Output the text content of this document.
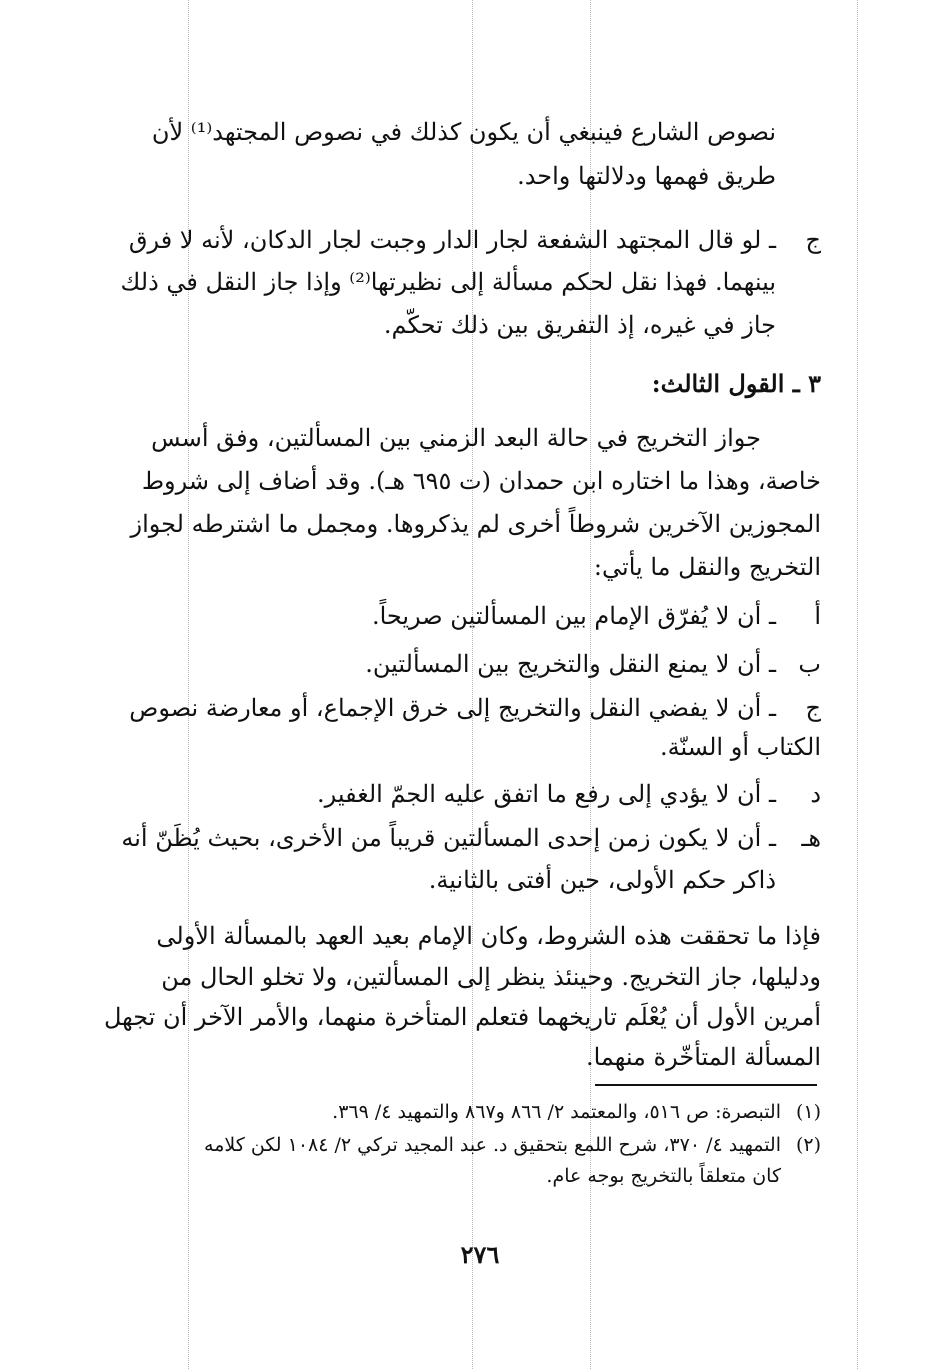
نصوص الشارع فينبغي أن يكون كذلك في نصوص المجتهد⁽¹⁾ لأن
طريق فهمها ودلالتها واحد.
ج
ـ لو قال المجتهد الشفعة لجار الدار وجبت لجار الدكان، لأنه لا فرق
بينهما. فهذا نقل لحكم مسألة إلى نظيرتها⁽²⁾ وإذا جاز النقل في ذلك
جاز في غيره، إذ التفريق بين ذلك تحكّم.
٣ ـ القول الثالث:
جواز التخريج في حالة البعد الزمني بين المسألتين، وفق أسس
خاصة، وهذا ما اختاره ابن حمدان (ت ٦٩٥ هـ). وقد أضاف إلى شروط
المجوزين الآخرين شروطاً أخرى لم يذكروها. ومجمل ما اشترطه لجواز
التخريج والنقل ما يأتي:
أ
ـ أن لا يُفرّق الإمام بين المسألتين صريحاً.
ب
ـ أن لا يمنع النقل والتخريج بين المسألتين.
ج
ـ أن لا يفضي النقل والتخريج إلى خرق الإجماع، أو معارضة نصوص
الكتاب أو السنّة.
د
ـ أن لا يؤدي إلى رفع ما اتفق عليه الجمّ الغفير.
هـ
ـ أن لا يكون زمن إحدى المسألتين قريباً من الأخرى، بحيث يُظَنّ أنه
ذاكر حكم الأولى، حين أفتى بالثانية.
فإذا ما تحققت هذه الشروط، وكان الإمام بعيد العهد بالمسألة الأولى
ودليلها، جاز التخريج. وحينئذ ينظر إلى المسألتين، ولا تخلو الحال من
أمرين الأول أن يُعْلَم تاريخهما فتعلم المتأخرة منهما، والأمر الآخر أن تجهل
المسألة المتأخّرة منهما.
(١)
التبصرة: ص ٥١٦، والمعتمد ٢/ ٨٦٦ و٨٦٧ والتمهيد ٤/ ٣٦٩.
(٢)
التمهيد ٤/ ٣٧٠، شرح اللمع بتحقيق د. عبد المجيد تركي ٢/ ١٠٨٤ لكن كلامه
كان متعلقاً بالتخريج بوجه عام.
٢٧٦
